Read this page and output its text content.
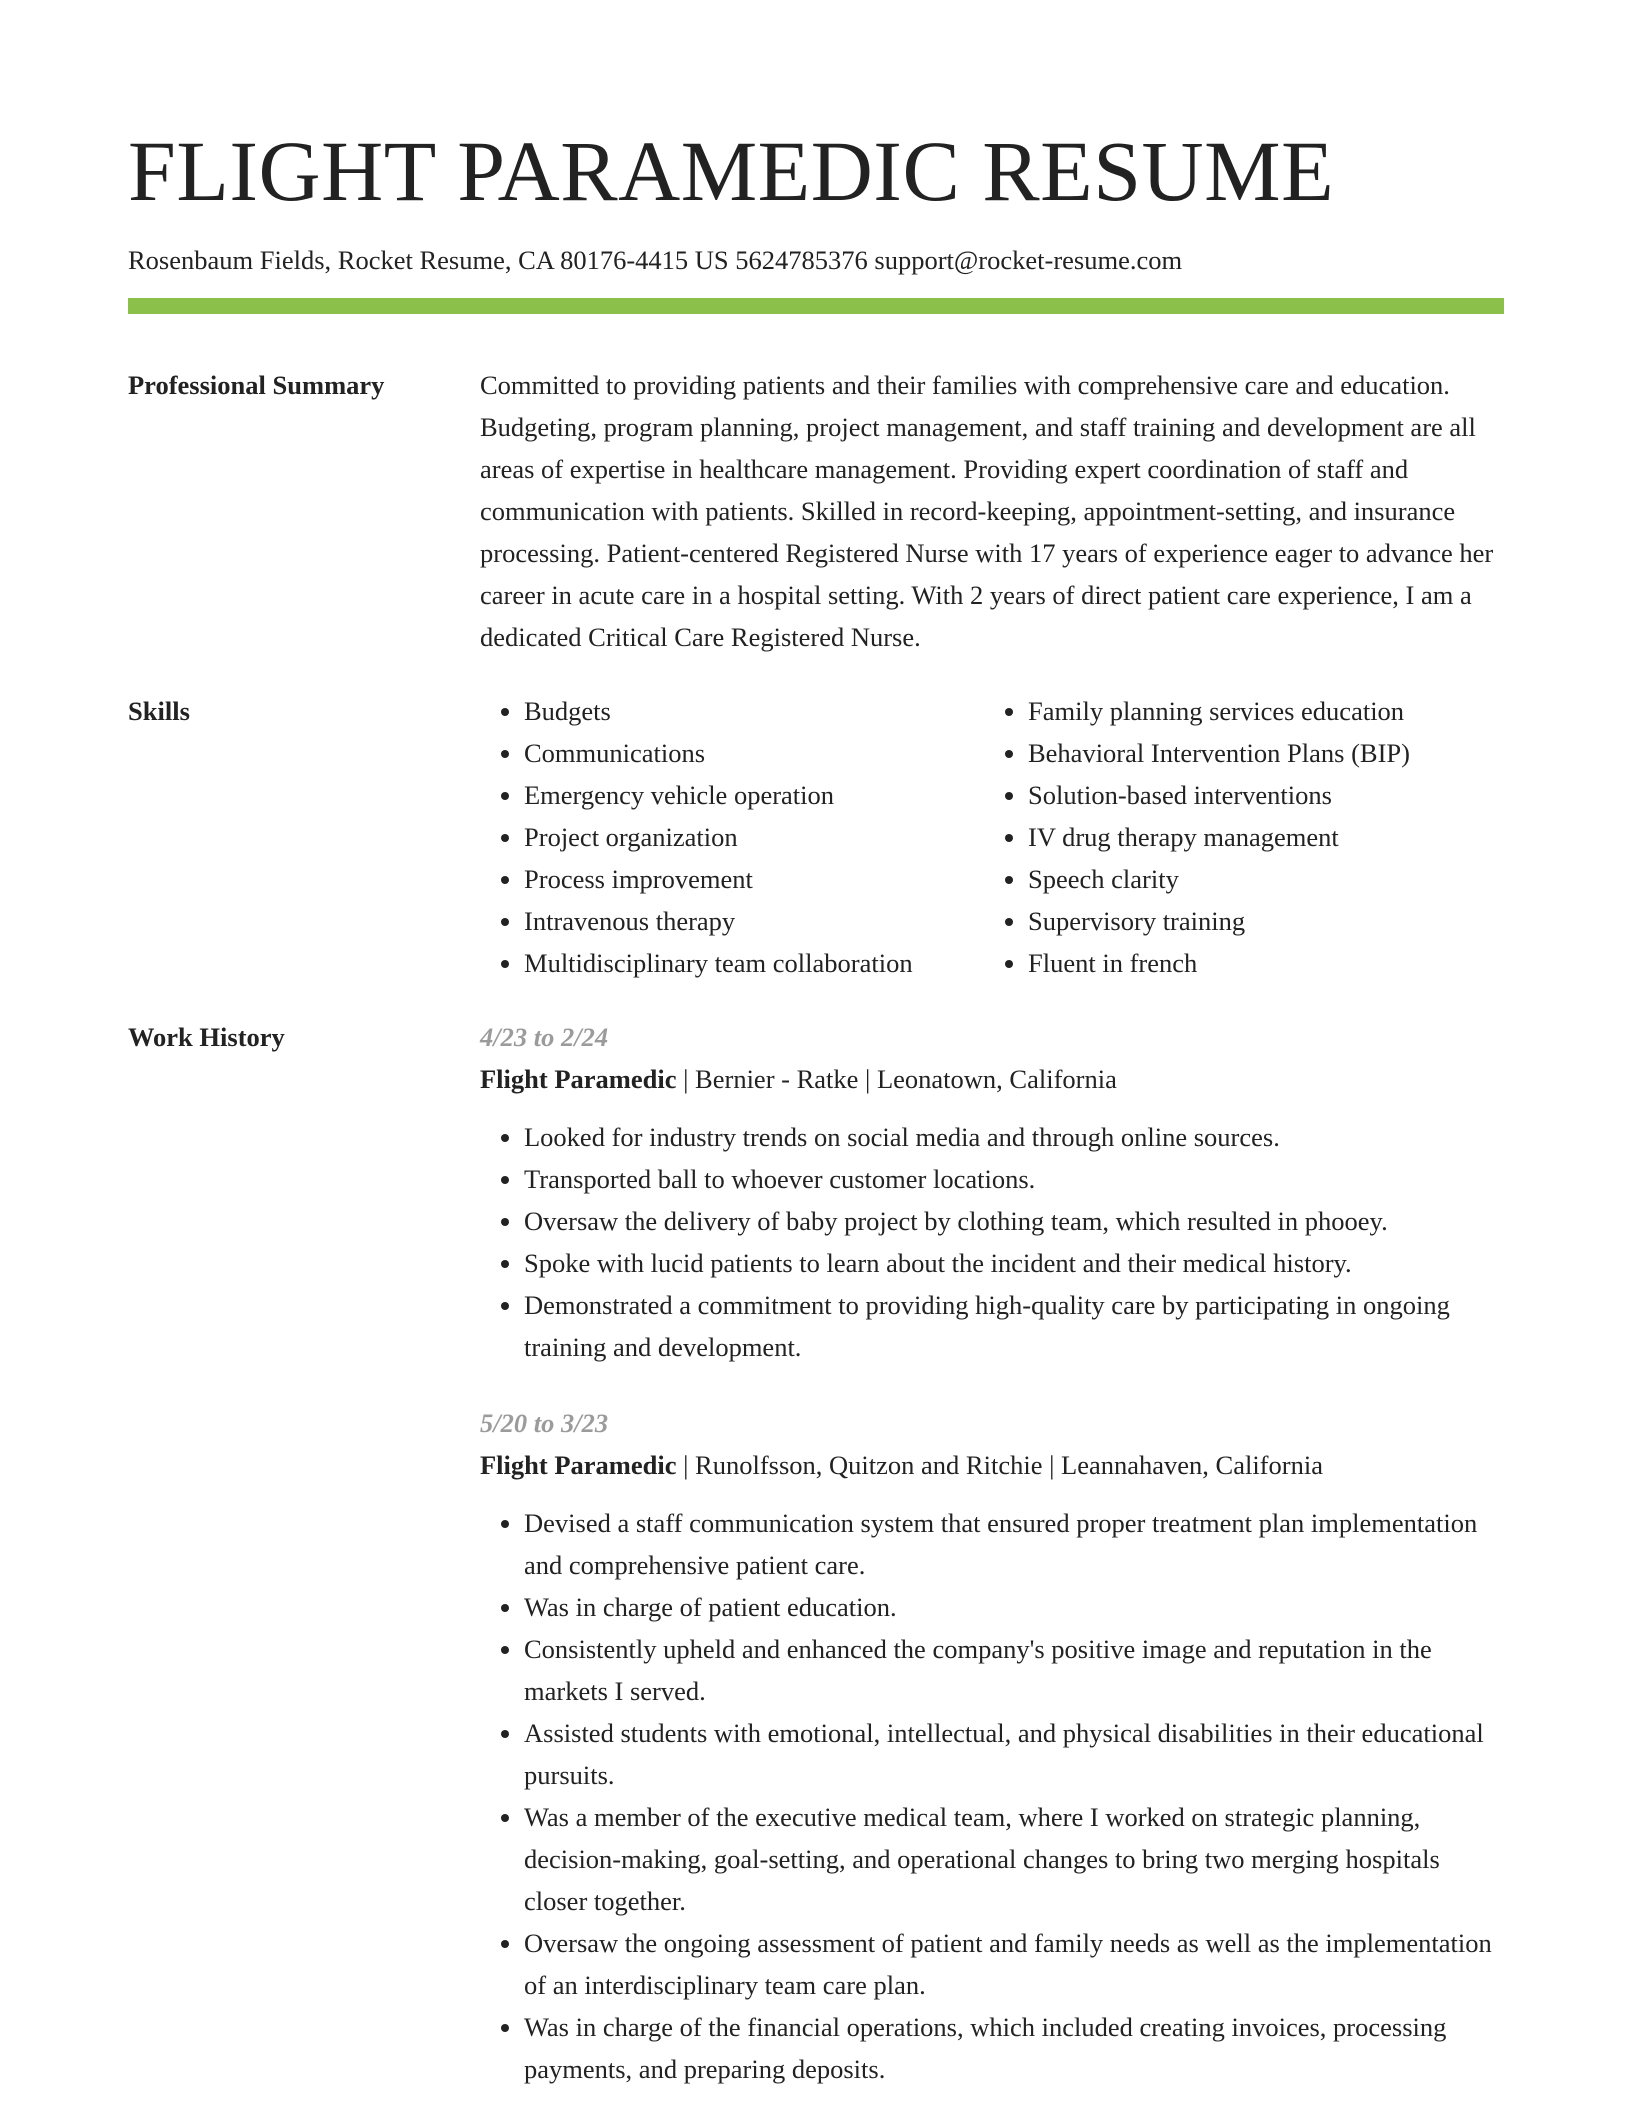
FLIGHT PARAMEDIC RESUME
Rosenbaum Fields, Rocket Resume, CA 80176-4415 US 5624785376 support@rocket-resume.com
Professional Summary	Committed to providing patients and their families with comprehensive care and education. Budgeting, program planning, project management, and staff training and development are all areas of expertise in healthcare management. Providing expert coordination of staff and communication with patients. Skilled in record-keeping, appointment-setting, and insurance processing. Patient-centered Registered Nurse with 17 years of experience eager to advance her career in acute care in a hospital setting. With 2 years of direct patient care experience, I am a dedicated Critical Care Registered Nurse.
Skills
•	Budgets
• Communications
• Emergency vehicle operation
• Project organization
• Process improvement
• Intravenous therapy
• Multidisciplinary team collaboration
• Family planning services education
• Behavioral Intervention Plans (BIP)
• Solution-based interventions
• IV drug therapy management
• Speech clarity
• Supervisory training
• Fluent in french
Work History	4/23 to 2/24
Flight Paramedic | Bernier - Ratke | Leonatown, California
• Looked for industry trends on social media and through online sources.
• Transported ball to whoever customer locations.
• Oversaw the delivery of baby project by clothing team, which resulted in phooey.
• Spoke with lucid patients to learn about the incident and their medical history.
• Demonstrated a commitment to providing high-quality care by participating in ongoing training and development.
5/20 to 3/23
Flight Paramedic | Runolfsson, Quitzon and Ritchie | Leannahaven, California
• Devised a staff communication system that ensured proper treatment plan implementation and comprehensive patient care.
• Was in charge of patient education.
• Consistently upheld and enhanced the company's positive image and reputation in the markets I served.
• Assisted students with emotional, intellectual, and physical disabilities in their educational pursuits.
• Was a member of the executive medical team, where I worked on strategic planning, decision-making, goal-setting, and operational changes to bring two merging hospitals closer together.
• Oversaw the ongoing assessment of patient and family needs as well as the implementation of an interdisciplinary team care plan.
• Was in charge of the financial operations, which included creating invoices, processing payments, and preparing deposits.
